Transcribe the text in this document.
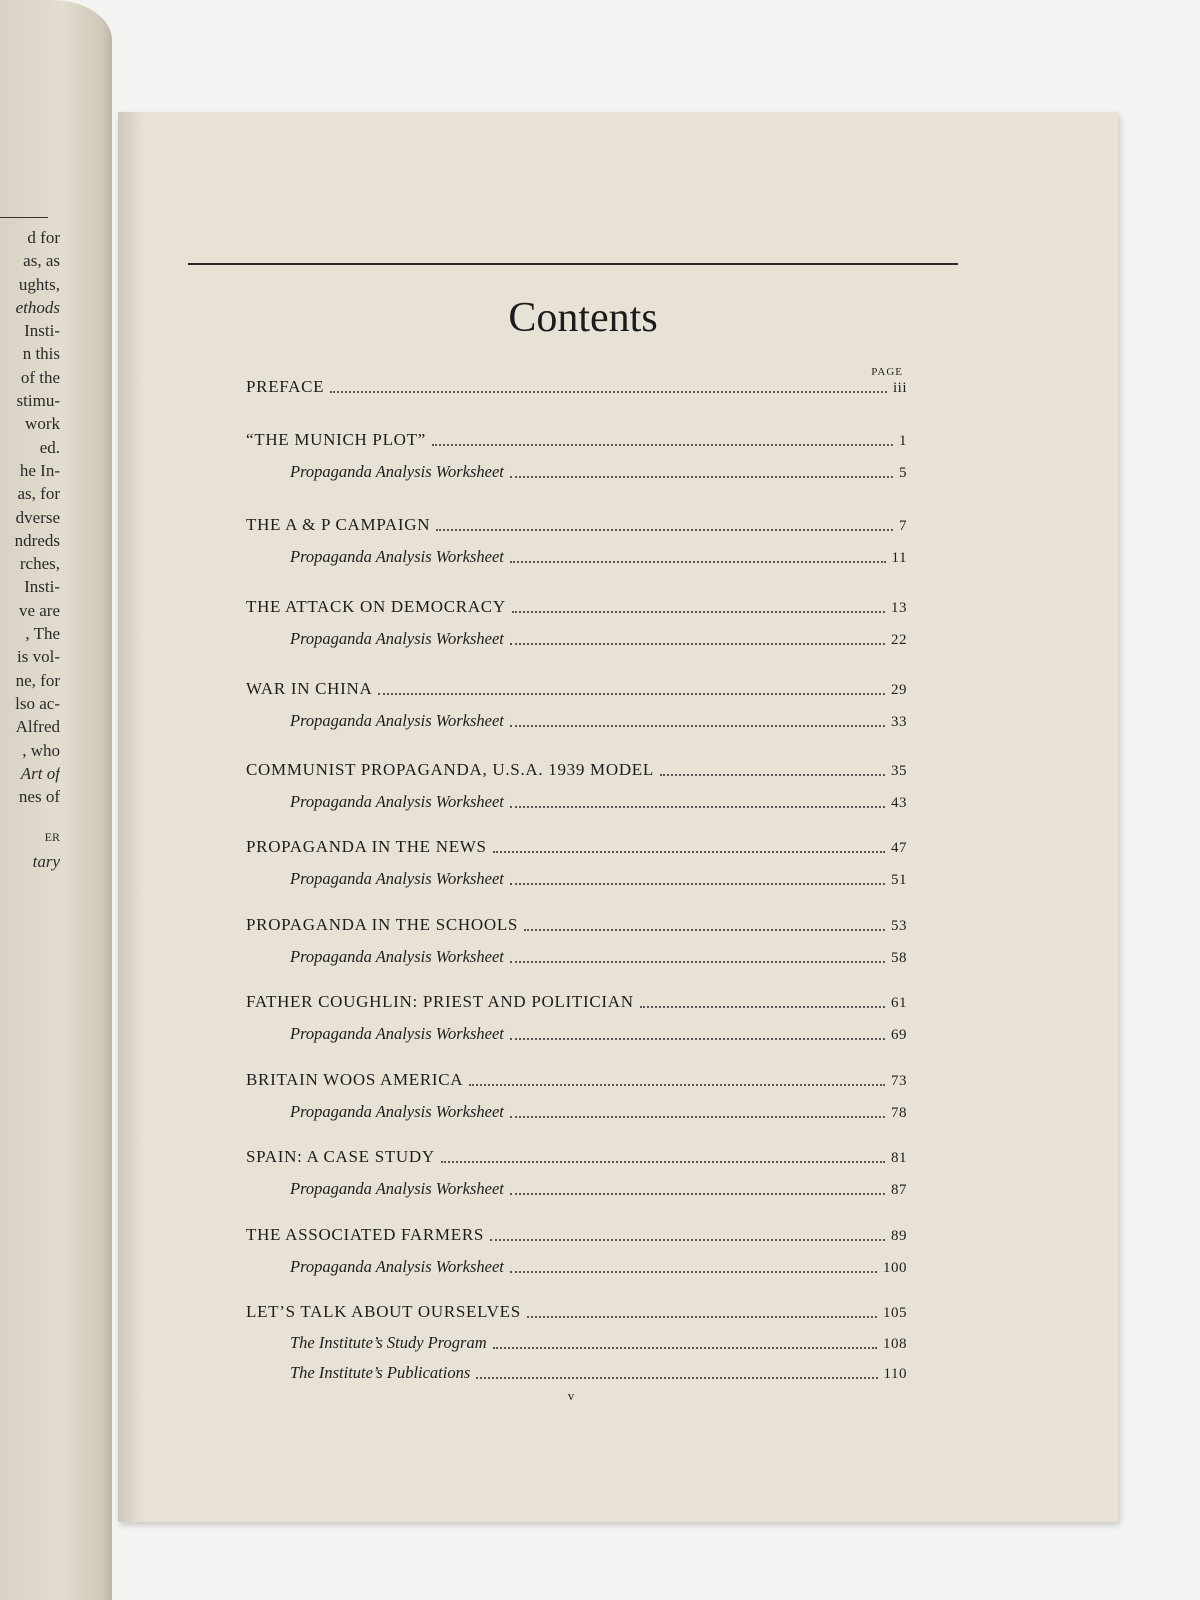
d for
as, as
ughts,
ethods
Insti-
n this
of the
stimu-
work
ed.
he In-
as, for
dverse
ndreds
rches,
Insti-
ve are
, The
is vol-
ne, for
lso ac-
Alfred
, who
Art of
nes of
ER
tary
Contents
PAGE
PREFACE	iii
“THE MUNICH PLOT”	1
Propaganda Analysis Worksheet	5
THE A & P CAMPAIGN	7
Propaganda Analysis Worksheet	11
THE ATTACK ON DEMOCRACY	13
Propaganda Analysis Worksheet	22
WAR IN CHINA	29
Propaganda Analysis Worksheet	33
COMMUNIST PROPAGANDA, U.S.A. 1939 MODEL	35
Propaganda Analysis Worksheet	43
PROPAGANDA IN THE NEWS	47
Propaganda Analysis Worksheet	51
PROPAGANDA IN THE SCHOOLS	53
Propaganda Analysis Worksheet	58
FATHER COUGHLIN: PRIEST AND POLITICIAN	61
Propaganda Analysis Worksheet	69
BRITAIN WOOS AMERICA	73
Propaganda Analysis Worksheet	78
SPAIN: A CASE STUDY	81
Propaganda Analysis Worksheet	87
THE ASSOCIATED FARMERS	89
Propaganda Analysis Worksheet	100
LET’S TALK ABOUT OURSELVES	105
The Institute’s Study Program	108
The Institute’s Publications	110
v
